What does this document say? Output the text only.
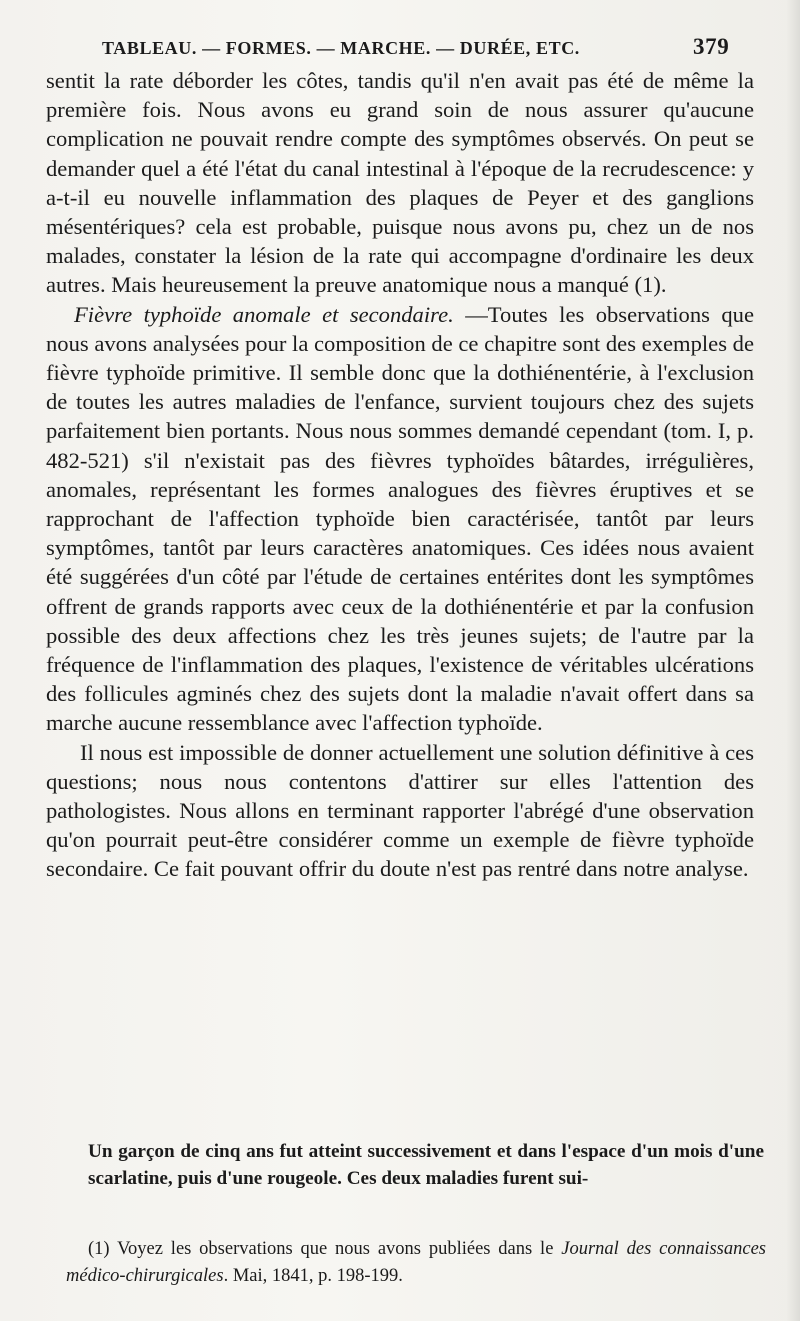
TABLEAU. — FORMES. — MARCHE. — DURÉE, ETC.	379

sentit la rate déborder les côtes, tandis qu'il n'en avait pas été de même la première fois. Nous avons eu grand soin de nous assurer qu'aucune complication ne pouvait rendre compte des symptômes observés. On peut se demander quel a été l'état du canal intestinal à l'époque de la recrudescence: y a-t-il eu nouvelle inflammation des plaques de Peyer et des ganglions mésentériques? cela est probable, puisque nous avons pu, chez un de nos malades, constater la lésion de la rate qui accompagne d'ordinaire les deux autres. Mais heureusement la preuve anatomique nous a manqué (1).

Fièvre typhoïde anomale et secondaire. —Toutes les observations que nous avons analysées pour la composition de ce chapitre sont des exemples de fièvre typhoïde primitive. Il semble donc que la dothiénentérie, à l'exclusion de toutes les autres maladies de l'enfance, survient toujours chez des sujets parfaitement bien portants. Nous nous sommes demandé cependant (tom. I, p. 482-521) s'il n'existait pas des fièvres typhoïdes bâtardes, irrégulières, anomales, représentant les formes analogues des fièvres éruptives et se rapprochant de l'affection typhoïde bien caractérisée, tantôt par leurs symptômes, tantôt par leurs caractères anatomiques. Ces idées nous avaient été suggérées d'un côté par l'étude de certaines entérites dont les symptômes offrent de grands rapports avec ceux de la dothiénentérie et par la confusion possible des deux affections chez les très jeunes sujets; de l'autre par la fréquence de l'inflammation des plaques, l'existence de véritables ulcérations des follicules agminés chez des sujets dont la maladie n'avait offert dans sa marche aucune ressemblance avec l'affection typhoïde.

Il nous est impossible de donner actuellement une solution définitive à ces questions; nous nous contentons d'attirer sur elles l'attention des pathologistes. Nous allons en terminant rapporter l'abrégé d'une observation qu'on pourrait peut-être considérer comme un exemple de fièvre typhoïde secondaire. Ce fait pouvant offrir du doute n'est pas rentré dans notre analyse.

Un garçon de cinq ans fut atteint successivement et dans l'espace d'un mois d'une scarlatine, puis d'une rougeole. Ces deux maladies furent sui-

(1) Voyez les observations que nous avons publiées dans le Journal des connaissances médico-chirurgicales. Mai, 1841, p. 198-199.
